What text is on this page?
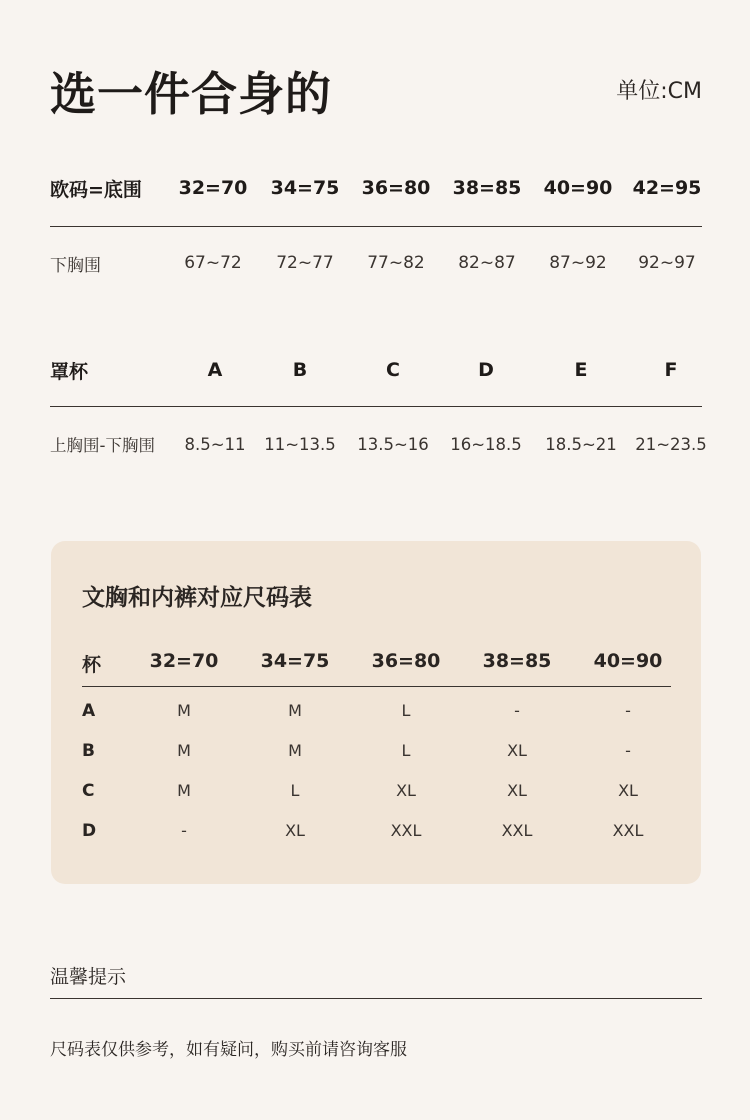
选一件合身的	单位:CM
欧码=底围 32=70 34=75 36=80 38=85 40=90 42=95
下胸围	67~72 72~77 77~82 82~87 87~92 92~97
罩杯	A	B	C	D	E	F
上胸围-下胸围 8.5~11 11~13.5 13.5~16 16~18.5 18.5~21 21~23.5
文胸和内裤对应尺码表
杯	32=70 34=75 36=80 38=85 40=90
A	M	M	L	-	-
B	M	M	L	XL	-
C	M	L	XL	XL	XL
D	-	XL	XXL	XXL	XXL
温馨提示
尺码表仅供参考，如有疑问，购买前请咨询客服
